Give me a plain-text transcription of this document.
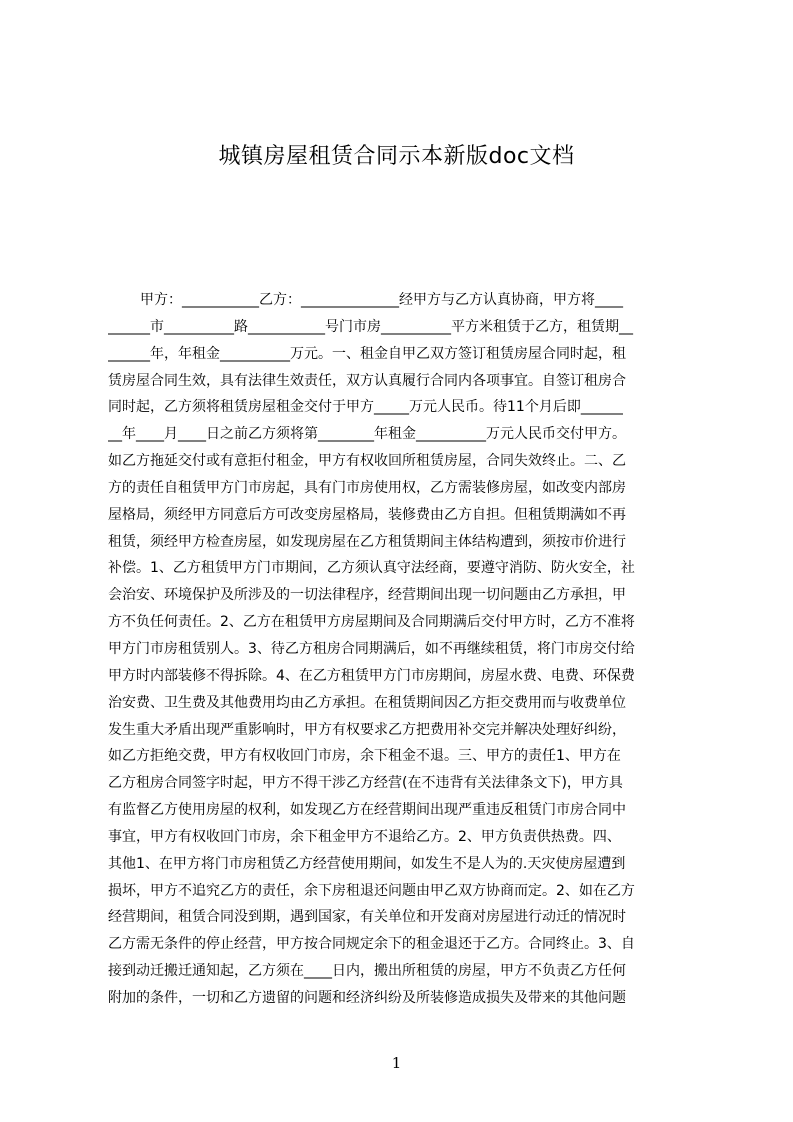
城镇房屋租赁合同示本新版doc文档
甲方：___________乙方：______________经甲方与乙方认真协商，甲方将____
______市__________路___________号门市房__________平方米租赁于乙方，租赁期__
______年，年租金__________万元。一、租金自甲乙双方签订租赁房屋合同时起，租
赁房屋合同生效，具有法律生效责任，双方认真履行合同内各项事宜。自签订租房合
同时起，乙方须将租赁房屋租金交付于甲方_____万元人民币。待11个月后即______
__年____月____日之前乙方须将第________年租金__________万元人民币交付甲方。
如乙方拖延交付或有意拒付租金，甲方有权收回所租赁房屋，合同失效终止。二、乙
方的责任自租赁甲方门市房起，具有门市房使用权，乙方需装修房屋，如改变内部房
屋格局，须经甲方同意后方可改变房屋格局，装修费由乙方自担。但租赁期满如不再
租赁，须经甲方检查房屋，如发现房屋在乙方租赁期间主体结构遭到，须按市价进行
补偿。1、乙方租赁甲方门市期间，乙方须认真守法经商，要遵守消防、防火安全，社
会治安、环境保护及所涉及的一切法律程序，经营期间出现一切问题由乙方承担，甲
方不负任何责任。2、乙方在租赁甲方房屋期间及合同期满后交付甲方时，乙方不准将
甲方门市房租赁别人。3、待乙方租房合同期满后，如不再继续租赁，将门市房交付给
甲方时内部装修不得拆除。4、在乙方租赁甲方门市房期间，房屋水费、电费、环保费
治安费、卫生费及其他费用均由乙方承担。在租赁期间因乙方拒交费用而与收费单位
发生重大矛盾出现严重影响时，甲方有权要求乙方把费用补交完并解决处理好纠纷，
如乙方拒绝交费，甲方有权收回门市房，余下租金不退。三、甲方的责任1、甲方在
乙方租房合同签字时起，甲方不得干涉乙方经营(在不违背有关法律条文下)，甲方具
有监督乙方使用房屋的权利，如发现乙方在经营期间出现严重违反租赁门市房合同中
事宜，甲方有权收回门市房，余下租金甲方不退给乙方。2、甲方负责供热费。四、
其他1、在甲方将门市房租赁乙方经营使用期间，如发生不是人为的.天灾使房屋遭到
损坏，甲方不追究乙方的责任，余下房租退还问题由甲乙双方协商而定。2、如在乙方
经营期间，租赁合同没到期，遇到国家，有关单位和开发商对房屋进行动迁的情况时
乙方需无条件的停止经营，甲方按合同规定余下的租金退还于乙方。合同终止。3、自
接到动迁搬迁通知起，乙方须在____日内，搬出所租赁的房屋，甲方不负责乙方任何
附加的条件，一切和乙方遗留的问题和经济纠纷及所装修造成损失及带来的其他问题
1
